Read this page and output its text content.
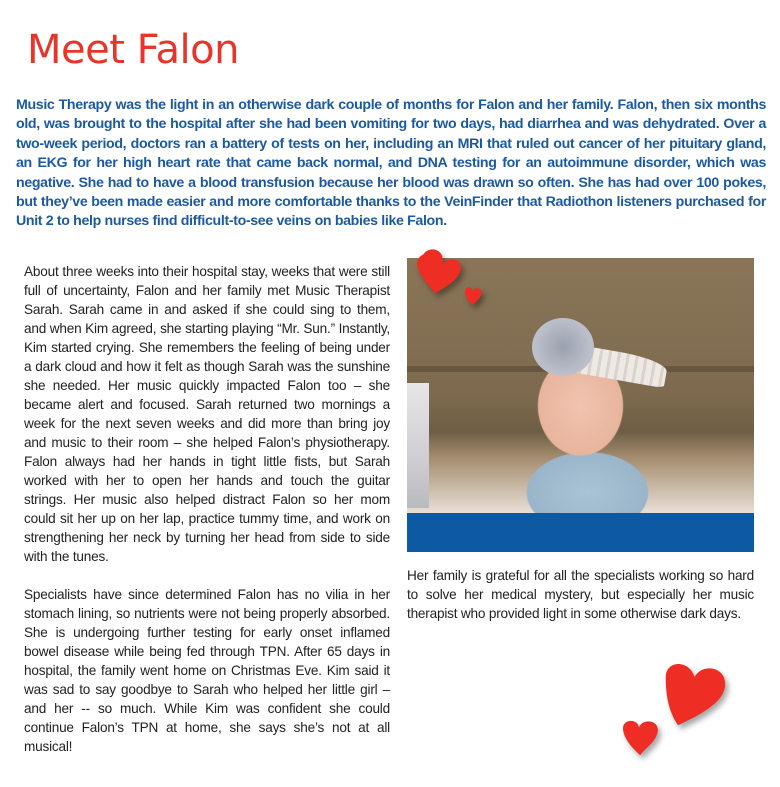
Meet Falon

Music Therapy was the light in an otherwise dark couple of months for Falon and her family. Falon, then six months old, was brought to the hospital after she had been vomiting for two days, had diarrhea and was dehydrated. Over a two-week period, doctors ran a battery of tests on her, including an MRI that ruled out cancer of her pituitary gland, an EKG for her high heart rate that came back normal, and DNA testing for an autoimmune disorder, which was negative. She had to have a blood transfusion because her blood was drawn so often. She has had over 100 pokes, but they’ve been made easier and more comfortable thanks to the VeinFinder that Radiothon listeners purchased for Unit 2 to help nurses find difficult-to-see veins on babies like Falon.

About three weeks into their hospital stay, weeks that were still full of uncertainty, Falon and her family met Music Therapist Sarah. Sarah came in and asked if she could sing to them, and when Kim agreed, she starting playing “Mr. Sun.” Instantly, Kim started crying. She remembers the feeling of being under a dark cloud and how it felt as though Sarah was the sunshine she needed. Her music quickly impacted Falon too – she became alert and focused. Sarah returned two mornings a week for the next seven weeks and did more than bring joy and music to their room – she helped Falon’s physiotherapy. Falon always had her hands in tight little fists, but Sarah worked with her to open her hands and touch the guitar strings. Her music also helped distract Falon so her mom could sit her up on her lap, practice tummy time, and work on strengthening her neck by turning her head from side to side with the tunes.

Specialists have since determined Falon has no vilia in her stomach lining, so nutrients were not being properly absorbed. She is undergoing further testing for early onset inflamed bowel disease while being fed through TPN. After 65 days in hospital, the family went home on Christmas Eve. Kim said it was sad to say goodbye to Sarah who helped her little girl – and her -- so much. While Kim was confident she could continue Falon’s TPN at home, she says she’s not at all musical!

Her family is grateful for all the specialists working so hard to solve her medical mystery, but especially her music therapist who provided light in some otherwise dark days.
